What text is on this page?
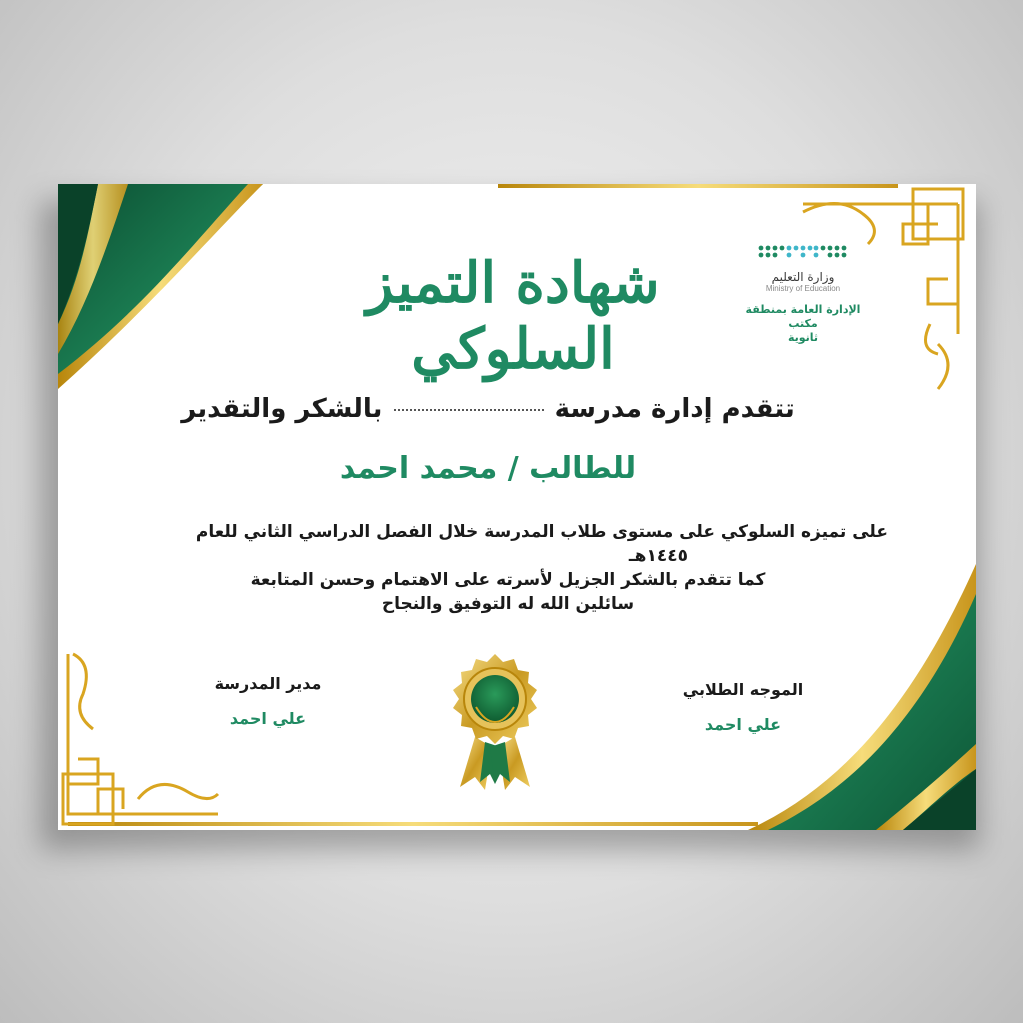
شهادة التميز السلوكي
وزارة التعليم
Ministry of Education
الإدارة العامة بمنطقة
مكتب
ثانوية
تتقدم إدارة مدرسة  بالشكر والتقدير
للطالب / محمد احمد
على تميزه السلوكي على مستوى طلاب المدرسة خلال الفصل الدراسي الثاني للعام
١٤٤٥هـ
كما تتقدم بالشكر الجزيل لأسرته على الاهتمام وحسن المتابعة
سائلين الله له التوفيق والنجاح
مدير المدرسة
علي احمد
الموجه الطلابي
علي احمد
